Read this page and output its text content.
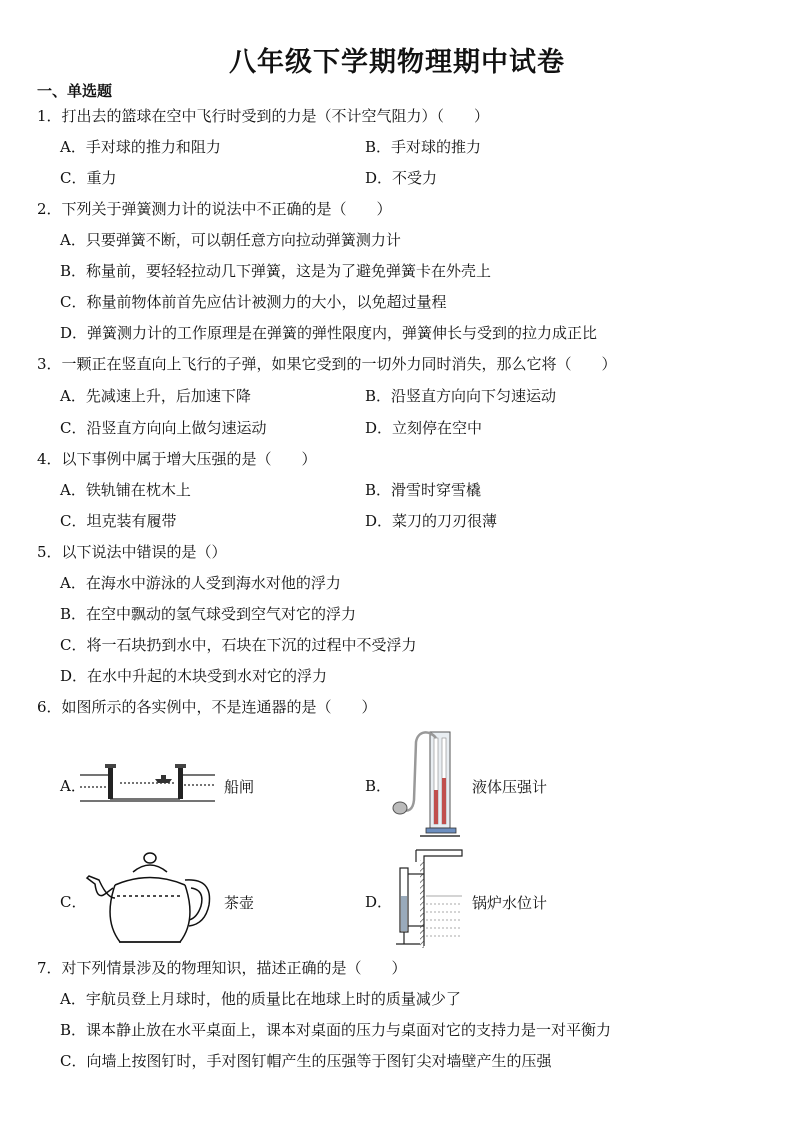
八年级下学期物理期中试卷
一、单选题
1．打出去的篮球在空中飞行时受到的力是（不计空气阻力）（　　）
A．手对球的推力和阻力	B．手对球的推力
C．重力	D．不受力
2．下列关于弹簧测力计的说法中不正确的是（　　）
A．只要弹簧不断，可以朝任意方向拉动弹簧测力计
B．称量前，要轻轻拉动几下弹簧，这是为了避免弹簧卡在外壳上
C．称量前物体前首先应估计被测力的大小，以免超过量程
D．弹簧测力计的工作原理是在弹簧的弹性限度内，弹簧伸长与受到的拉力成正比
3．一颗正在竖直向上飞行的子弹，如果它受到的一切外力同时消失，那么它将（　　）
A．先减速上升，后加速下降	B．沿竖直方向向下匀速运动
C．沿竖直方向向上做匀速运动	D．立刻停在空中
4．以下事例中属于增大压强的是（　　）
A．铁轨铺在枕木上	B．滑雪时穿雪橇
C．坦克装有履带	D．菜刀的刀刃很薄
5．以下说法中错误的是（）
A．在海水中游泳的人受到海水对他的浮力
B．在空中飘动的氢气球受到空气对它的浮力
C．将一石块扔到水中，石块在下沉的过程中不受浮力
D．在水中升起的木块受到水对它的浮力
6．如图所示的各实例中，不是连通器的是（　　）
A．	船闸	B．	液体压强计
C．	茶壶	D．	锅炉水位计
7．对下列情景涉及的物理知识，描述正确的是（　　）
A．宇航员登上月球时，他的质量比在地球上时的质量减少了
B．课本静止放在水平桌面上，课本对桌面的压力与桌面对它的支持力是一对平衡力
C．向墙上按图钉时，手对图钉帽产生的压强等于图钉尖对墙壁产生的压强
